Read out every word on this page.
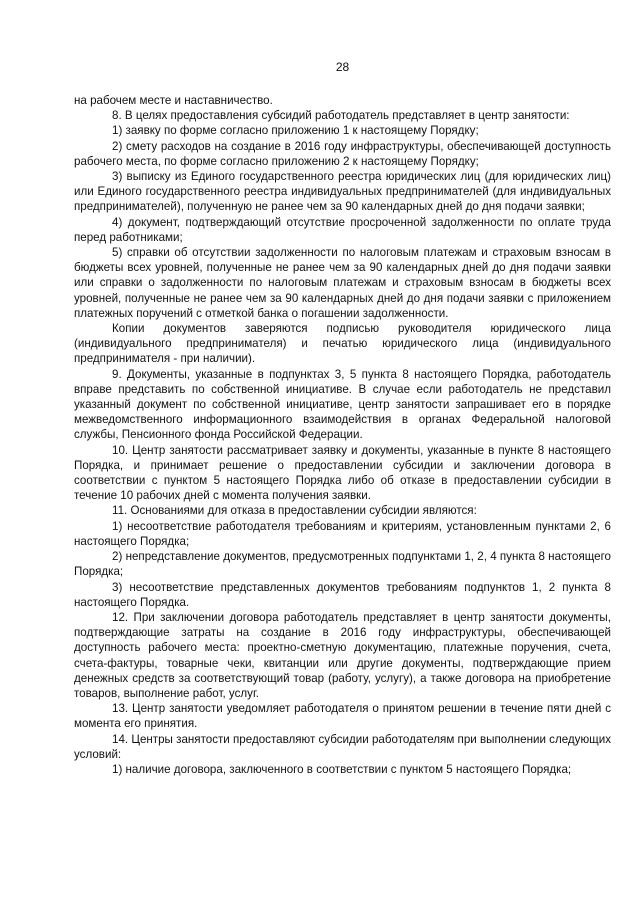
28

на рабочем месте и наставничество.

8. В целях предоставления субсидий работодатель представляет в центр занятости:

1) заявку по форме согласно приложению 1 к настоящему Порядку;

2) смету расходов на создание в 2016 году инфраструктуры, обеспечивающей доступность рабочего места, по форме согласно приложению 2 к настоящему Порядку;

3) выписку из Единого государственного реестра юридических лиц (для юридических лиц) или Единого государственного реестра индивидуальных предпринимателей (для индивидуальных предпринимателей), полученную не ранее чем за 90 календарных дней до дня подачи заявки;

4) документ, подтверждающий отсутствие просроченной задолженности по оплате труда перед работниками;

5) справки об отсутствии задолженности по налоговым платежам и страховым взносам в бюджеты всех уровней, полученные не ранее чем за 90 календарных дней до дня подачи заявки или справки о задолженности по налоговым платежам и страховым взносам в бюджеты всех уровней, полученные не ранее чем за 90 календарных дней до дня подачи заявки с приложением платежных поручений с отметкой банка о погашении задолженности.

Копии документов заверяются подписью руководителя юридического лица (индивидуального предпринимателя) и печатью юридического лица (индивидуального предпринимателя - при наличии).

9. Документы, указанные в подпунктах 3, 5 пункта 8 настоящего Порядка, работодатель вправе представить по собственной инициативе. В случае если работодатель не представил указанный документ по собственной инициативе, центр занятости запрашивает его в порядке межведомственного информационного взаимодействия в органах Федеральной налоговой службы, Пенсионного фонда Российской Федерации.

10. Центр занятости рассматривает заявку и документы, указанные в пункте 8 настоящего Порядка, и принимает решение о предоставлении субсидии и заключении договора в соответствии с пунктом 5 настоящего Порядка либо об отказе в предоставлении субсидии в течение 10 рабочих дней с момента получения заявки.

11. Основаниями для отказа в предоставлении субсидии являются:

1) несоответствие работодателя требованиям и критериям, установленным пунктами 2, 6 настоящего Порядка;

2) непредставление документов, предусмотренных подпунктами 1, 2, 4 пункта 8 настоящего Порядка;

3) несоответствие представленных документов требованиям подпунктов 1, 2 пункта 8 настоящего Порядка.

12. При заключении договора работодатель представляет в центр занятости документы, подтверждающие затраты на создание в 2016 году инфраструктуры, обеспечивающей доступность рабочего места: проектно-сметную документацию, платежные поручения, счета, счета-фактуры, товарные чеки, квитанции или другие документы, подтверждающие прием денежных средств за соответствующий товар (работу, услугу), а также договора на приобретение товаров, выполнение работ, услуг.

13. Центр занятости уведомляет работодателя о принятом решении в течение пяти дней с момента его принятия.

14. Центры занятости предоставляют субсидии работодателям при выполнении следующих условий:

1) наличие договора, заключенного в соответствии с пунктом 5 настоящего Порядка;
